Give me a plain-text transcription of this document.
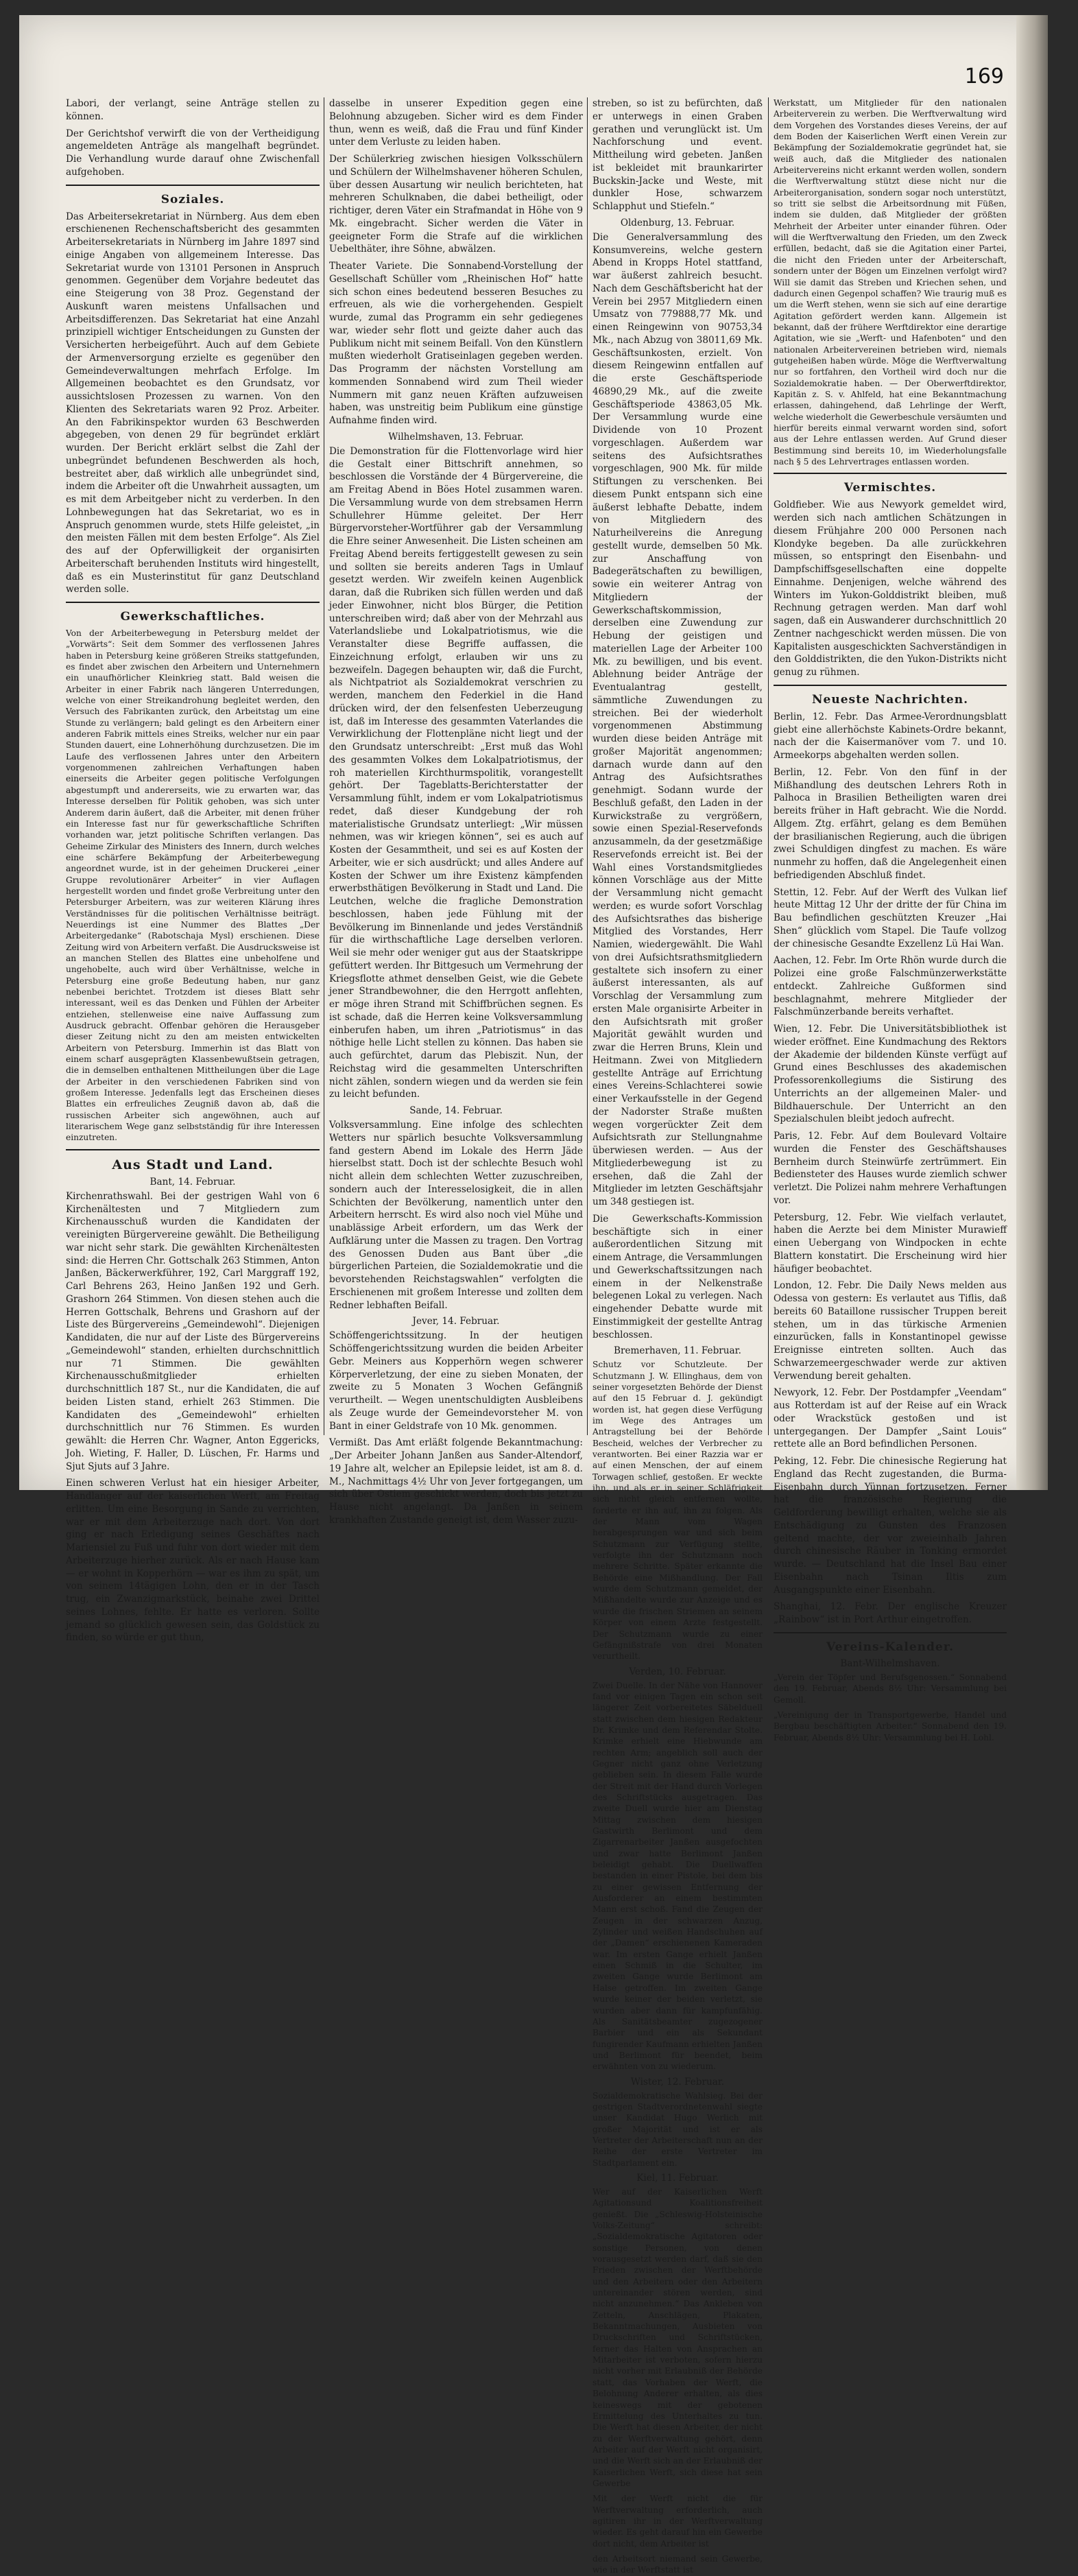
169

Labori, der verlangt, seine Anträge stellen zu können.

Der Gerichtshof verwirft die von der Vertheidigung angemeldeten Anträge als mangelhaft begründet. Die Verhandlung wurde darauf ohne Zwischenfall aufgehoben.

Soziales.

Das Arbeitersekretariat in Nürnberg. Aus dem eben erschienenen Rechenschaftsbericht des gesammten Arbeitersekretariats in Nürnberg im Jahre 1897 sind einige Angaben von allgemeinem Interesse. Das Sekretariat wurde von 13101 Personen in Anspruch genommen. Gegenüber dem Vorjahre bedeutet das eine Steigerung von 38 Proz. Gegenstand der Auskunft waren meistens Unfallsachen und Arbeitsdifferenzen. Das Sekretariat hat eine Anzahl prinzipiell wichtiger Entscheidungen zu Gunsten der Versicherten herbeigeführt. Auch auf dem Gebiete der Armenversorgung erzielte es gegenüber den Gemeindeverwaltungen mehrfach Erfolge. Im Allgemeinen beobachtet es den Grundsatz, vor aussichtslosen Prozessen zu warnen. Von den Klienten des Sekretariats waren 92 Proz. Arbeiter. An den Fabrikinspektor wurden 63 Beschwerden abgegeben, von denen 29 für begründet erklärt wurden. Der Bericht erklärt selbst die Zahl der unbegründet befundenen Beschwerden als hoch, bestreitet aber, daß wirklich alle unbegründet sind, indem die Arbeiter oft die Unwahrheit aussagten, um es mit dem Arbeitgeber nicht zu verderben. In den Lohnbewegungen hat das Sekretariat, wo es in Anspruch genommen wurde, stets Hilfe geleistet, „in den meisten Fällen mit dem besten Erfolge“. Als Ziel des auf der Opferwilligkeit der organisirten Arbeiterschaft beruhenden Instituts wird hingestellt, daß es ein Musterinstitut für ganz Deutschland werden solle.

Gewerkschaftliches.

Von der Arbeiterbewegung in Petersburg meldet der „Vorwärts“: Seit dem Sommer des verflossenen Jahres haben in Petersburg keine größeren Streiks stattgefunden, es findet aber zwischen den Arbeitern und Unternehmern ein unaufhörlicher Kleinkrieg statt. Bald weisen die Arbeiter in einer Fabrik nach längeren Unterredungen, welche von einer Streikandrohung begleitet werden, den Versuch des Fabrikanten zurück, den Arbeitstag um eine Stunde zu verlängern; bald gelingt es den Arbeitern einer anderen Fabrik mittels eines Streiks, welcher nur ein paar Stunden dauert, eine Lohnerhöhung durchzusetzen. Die im Laufe des verflossenen Jahres unter den Arbeitern vorgenommenen zahlreichen Verhaftungen haben einerseits die Arbeiter gegen politische Verfolgungen abgestumpft und andererseits, wie zu erwarten war, das Interesse derselben für Politik gehoben, was sich unter Anderem darin äußert, daß die Arbeiter, mit denen früher ein Interesse fast nur für gewerkschaftliche Schriften vorhanden war, jetzt politische Schriften verlangen. Das Geheime Zirkular des Ministers des Innern, durch welches eine schärfere Bekämpfung der Arbeiterbewegung angeordnet wurde, ist in der geheimen Druckerei „einer Gruppe revolutionärer Arbeiter“ in vier Auflagen hergestellt worden und findet große Verbreitung unter den Petersburger Arbeitern, was zur weiteren Klärung ihres Verständnisses für die politischen Verhältnisse beiträgt. Neuerdings ist eine Nummer des Blattes „Der Arbeitergedanke“ (Rabotschaja Mysl) erschienen. Diese Zeitung wird von Arbeitern verfaßt. Die Ausdrucksweise ist an manchen Stellen des Blattes eine unbeholfene und ungehobelte, auch wird über Verhältnisse, welche in Petersburg eine große Bedeutung haben, nur ganz nebenbei berichtet. Trotzdem ist dieses Blatt sehr interessant, weil es das Denken und Fühlen der Arbeiter entziehen, stellenweise eine naive Auffassung zum Ausdruck gebracht. Offenbar gehören die Herausgeber dieser Zeitung nicht zu den am meisten entwickelten Arbeitern von Petersburg. Immerhin ist das Blatt von einem scharf ausgeprägten Klassenbewußtsein getragen, die in demselben enthaltenen Mittheilungen über die Lage der Arbeiter in den verschiedenen Fabriken sind von großem Interesse. Jedenfalls legt das Erscheinen dieses Blattes ein erfreuliches Zeugniß davon ab, daß die russischen Arbeiter sich angewöhnen, auch auf literarischem Wege ganz selbstständig für ihre Interessen einzutreten.

Aus Stadt und Land.
Bant, 14. Februar.

Kirchenrathswahl. Bei der gestrigen Wahl von 6 Kirchenältesten und 7 Mitgliedern zum Kirchenausschuß wurden die Kandidaten der vereinigten Bürgervereine gewählt. Die Betheiligung war nicht sehr stark. Die gewählten Kirchenältesten sind: die Herren Chr. Gottschalk 263 Stimmen, Anton Janßen, Bäckerwerkführer, 192, Carl Marggraff 192, Carl Behrens 263, Heino Janßen 192 und Gerh. Grashorn 264 Stimmen. Von diesen stehen auch die Herren Gottschalk, Behrens und Grashorn auf der Liste des Bürgervereins „Gemeindewohl“. Diejenigen Kandidaten, die nur auf der Liste des Bürgervereins „Gemeindewohl“ standen, erhielten durchschnittlich nur 71 Stimmen. Die gewählten Kirchenausschußmitglieder erhielten durchschnittlich 187 St., nur die Kandidaten, die auf beiden Listen stand, erhielt 263 Stimmen. Die Kandidaten des „Gemeindewohl“ erhielten durchschnittlich nur 76 Stimmen. Es wurden gewählt: die Herren Chr. Wagner, Anton Eggericks, Joh. Wieting, F. Haller, D. Lüschen, Fr. Harms und Sjut Sjuts auf 3 Jahre.

Einen schweren Verlust hat ein hiesiger Arbeiter, Handlanger auf der kaiserlichen Werft, am Freitag erlitten. Um eine Besorgung in Sande zu verrichten, war er mit dem Arbeiterzuge nach dort. Von dort ging er nach Erledigung seines Geschäftes nach Mariensiel zu Fuß und fuhr von dort wieder mit dem Arbeiterzuge hierher zurück. Als er nach Hause kam — er wohnt in Kopperhörn — war es ihm zu spät, um von seinem 14tägigen Lohn, den er in der Tasch trug, ein Zwanzigmarkstück, beinahe zwei Drittel seines Lohnes, fehlte. Er hatte es verloren. Sollte jemand so glücklich gewesen sein, das Goldstück zu finden, so würde er gut thun,

dasselbe in unserer Expedition gegen eine Belohnung abzugeben. Sicher wird es dem Finder thun, wenn es weiß, daß die Frau und fünf Kinder unter dem Verluste zu leiden haben.

Der Schülerkrieg zwischen hiesigen Volksschülern und Schülern der Wilhelmshavener höheren Schulen, über dessen Ausartung wir neulich berichteten, hat mehreren Schulknaben, die dabei betheiligt, oder richtiger, deren Väter ein Strafmandat in Höhe von 9 Mk. eingebracht. Sicher werden die Väter in geeigneter Form die Strafe auf die wirklichen Uebelthäter, ihre Söhne, abwälzen.

Theater Variete. Die Sonnabend-Vorstellung der Gesellschaft Schüller vom „Rheinischen Hof“ hatte sich schon eines bedeutend besseren Besuches zu erfreuen, als wie die vorhergehenden. Gespielt wurde, zumal das Programm ein sehr gediegenes war, wieder sehr flott und geizte daher auch das Publikum nicht mit seinem Beifall. Von den Künstlern mußten wiederholt Gratiseinlagen gegeben werden. Das Programm der nächsten Vorstellung am kommenden Sonnabend wird zum Theil wieder Nummern mit ganz neuen Kräften aufzuweisen haben, was unstreitig beim Publikum eine günstige Aufnahme finden wird.

Wilhelmshaven, 13. Februar.

Die Demonstration für die Flottenvorlage wird hier die Gestalt einer Bittschrift annehmen, so beschlossen die Vorstände der 4 Bürgervereine, die am Freitag Abend in Böes Hotel zusammen waren. Die Versammlung wurde von dem strebsamen Herrn Schullehrer Hümme geleitet. Der Herr Bürgervorsteher-Wortführer gab der Versammlung die Ehre seiner Anwesenheit. Die Listen scheinen am Freitag Abend bereits fertiggestellt gewesen zu sein und sollten sie bereits anderen Tags in Umlauf gesetzt werden. Wir zweifeln keinen Augenblick daran, daß die Rubriken sich füllen werden und daß jeder Einwohner, nicht blos Bürger, die Petition unterschreiben wird; daß aber von der Mehrzahl aus Vaterlandsliebe und Lokalpatriotismus, wie die Veranstalter diese Begriffe auffassen, die Einzeichnung erfolgt, erlauben wir uns zu bezweifeln. Dagegen behaupten wir, daß die Furcht, als Nichtpatriot als Sozialdemokrat verschrien zu werden, manchem den Federkiel in die Hand drücken wird, der den felsenfesten Ueberzeugung ist, daß im Interesse des gesammten Vaterlandes die Verwirklichung der Flottenpläne nicht liegt und der den Grundsatz unterschreibt: „Erst muß das Wohl des gesammten Volkes dem Lokalpatriotismus, der roh materiellen Kirchthurmspolitik, vorangestellt gehört. Der Tageblatts-Berichterstatter der Versammlung fühlt, indem er vom Lokalpatriotismus redet, daß dieser Kundgebung der roh materialistische Grundsatz unterliegt: „Wir müssen nehmen, was wir kriegen können“, sei es auch auf Kosten der Gesammtheit, und sei es auf Kosten der Arbeiter, wie er sich ausdrückt; und alles Andere auf Kosten der Schwer um ihre Existenz kämpfenden erwerbsthätigen Bevölkerung in Stadt und Land. Die Leutchen, welche die fragliche Demonstration beschlossen, haben jede Fühlung mit der Bevölkerung im Binnenlande und jedes Verständniß für die wirthschaftliche Lage derselben verloren. Weil sie mehr oder weniger gut aus der Staatskrippe gefüttert werden. Ihr Bittgesuch um Vermehrung der Kriegsflotte athmet denselben Geist, wie die Gebete jener Strandbewohner, die den Herrgott anflehten, er möge ihren Strand mit Schiffbrüchen segnen. Es ist schade, daß die Herren keine Volksversammlung einberufen haben, um ihren „Patriotismus“ in das nöthige helle Licht stellen zu können. Das haben sie auch gefürchtet, darum das Plebiszit. Nun, der Reichstag wird die gesammelten Unterschriften nicht zählen, sondern wiegen und da werden sie fein zu leicht befunden.

Sande, 14. Februar.

Volksversammlung. Eine infolge des schlechten Wetters nur spärlich besuchte Volksversammlung fand gestern Abend im Lokale des Herrn Jäde hierselbst statt. Doch ist der schlechte Besuch wohl nicht allein dem schlechten Wetter zuzuschreiben, sondern auch der Interesselosigkeit, die in allen Schichten der Bevölkerung, namentlich unter den Arbeitern herrscht. Es wird also noch viel Mühe und unablässige Arbeit erfordern, um das Werk der Aufklärung unter die Massen zu tragen. Den Vortrag des Genossen Duden aus Bant über „die bürgerlichen Parteien, die Sozialdemokratie und die bevorstehenden Reichstagswahlen“ verfolgten die Erschienenen mit großem Interesse und zollten dem Redner lebhaften Beifall.

Jever, 14. Februar.

Schöffengerichtssitzung. In der heutigen Schöffengerichtssitzung wurden die beiden Arbeiter Gebr. Meiners aus Kopperhörn wegen schwerer Körperverletzung, der eine zu sieben Monaten, der zweite zu 5 Monaten 3 Wochen Gefängniß verurtheilt. — Wegen unentschuldigten Ausbleibens als Zeuge wurde der Gemeindevorsteher M. von Bant in einer Geldstrafe von 10 Mk. genommen.

Vermißt. Das Amt erläßt folgende Bekanntmachung: „Der Arbeiter Johann Janßen aus Sander-Altendorf, 19 Jahre alt, welcher an Epilepsie leidet, ist am 8. d. M., Nachmittags 4½ Uhr von Jever fortgegangen, um sich über Ostiem geschickt werden, doch bis jetzt zu Hause nicht angelangt. Da Janßen in seinem krankhaften Zustande geneigt ist, dem Wasser zuzu-

streben, so ist zu befürchten, daß er unterwegs in einen Graben gerathen und verunglückt ist. Um Nachforschung und event. Mittheilung wird gebeten. Janßen ist bekleidet mit braunkarirter Buckskin-Jacke und Weste, mit dunkler Hose, schwarzem Schlapphut und Stiefeln.“

Oldenburg, 13. Februar.

Die Generalversammlung des Konsumvereins, welche gestern Abend in Kropps Hotel stattfand, war äußerst zahlreich besucht. Nach dem Geschäftsbericht hat der Verein bei 2957 Mitgliedern einen Umsatz von 779888,77 Mk. und einen Reingewinn von 90753,34 Mk., nach Abzug von 38011,69 Mk. Geschäftsunkosten, erzielt. Von diesem Reingewinn entfallen auf die erste Geschäftsperiode 46890,29 Mk., auf die zweite Geschäftsperiode 43863,05 Mk. Der Versammlung wurde eine Dividende von 10 Prozent vorgeschlagen. Außerdem war seitens des Aufsichtsrathes vorgeschlagen, 900 Mk. für milde Stiftungen zu verschenken. Bei diesem Punkt entspann sich eine äußerst lebhafte Debatte, indem von Mitgliedern des Naturheilvereins die Anregung gestellt wurde, demselben 50 Mk. zur Anschaffung von Badegerätschaften zu bewilligen, sowie ein weiterer Antrag von Mitgliedern der Gewerkschaftskommission, derselben eine Zuwendung zur Hebung der geistigen und materiellen Lage der Arbeiter 100 Mk. zu bewilligen, und bis event. Ablehnung beider Anträge der Eventualantrag gestellt, sämmtliche Zuwendungen zu streichen. Bei der wiederholt vorgenommenen Abstimmung wurden diese beiden Anträge mit großer Majorität angenommen; darnach wurde dann auf den Antrag des Aufsichtsrathes genehmigt. Sodann wurde der Beschluß gefaßt, den Laden in der Kurwickstraße zu vergrößern, sowie einen Spezial-Reservefonds anzusammeln, da der gesetzmäßige Reservefonds erreicht ist. Bei der Wahl eines Vorstandsmitgliedes können Vorschläge aus der Mitte der Versammlung nicht gemacht werden; es wurde sofort Vorschlag des Aufsichtsrathes das bisherige Mitglied des Vorstandes, Herr Namien, wiedergewählt. Die Wahl von drei Aufsichtsrathsmitgliedern gestaltete sich insofern zu einer äußerst interessanten, als auf Vorschlag der Versammlung zum ersten Male organisirte Arbeiter in den Aufsichtsrath mit großer Majorität gewählt wurden und zwar die Herren Bruns, Klein und Heitmann. Zwei von Mitgliedern gestellte Anträge auf Errichtung eines Vereins-Schlachterei sowie einer Verkaufsstelle in der Gegend der Nadorster Straße mußten wegen vorgerückter Zeit dem Aufsichtsrath zur Stellungnahme überwiesen werden. — Aus der Mitgliederbewegung ist zu ersehen, daß die Zahl der Mitglieder im letzten Geschäftsjahr um 348 gestiegen ist.

Die Gewerkschafts-Kommission beschäftigte sich in einer außerordentlichen Sitzung mit einem Antrage, die Versammlungen und Gewerkschaftssitzungen nach einem in der Nelkenstraße belegenen Lokal zu verlegen. Nach eingehender Debatte wurde mit Einstimmigkeit der gestellte Antrag beschlossen.

Bremerhaven, 11. Februar.

Schutz vor Schutzleute. Der Schutzmann J. W. Ellinghaus, dem von seiner vorgesetzten Behörde der Dienst auf den 15 Februar d. J. gekündigt worden ist, hat gegen diese Verfügung im Wege des Antrages um Antragstellung bei der Behörde Bescheid, welches der Verbrecher zu verantworten. Bei einer Razzia war er auf einen Menschen, der auf einem Torwagen schlief, gestoßen. Er weckte ihn, und als er in seiner Schläfrigkeit sich nicht gleich entfernen wollte, forderte er ihn auf, ihn zu folgen. Als der Mann vom Wagen herabgesprungen war und sich beim Schutzmann zur Verfügung stellte, verfolgte ihn der Schutzmann noch mehrere Schritte. Später erkannte die Behörde eine Mißhandlung. Der Fall wurde dem Schutzmann gemeldet, der Mißhandelte wurde zur Anzeige und es wurde die frischen Striemen an seinem Körper von einem Arzte festgestellt. Der Schutzmann wurde zu einer Gefängnißstrafe von drei Monaten verurtheilt.

Verden, 10. Februar.

Zwei Duelle. In der Nähe von Hannover fand vor einigen Tagen ein schon seit längerer Zeit vorbereitetes Säbelduell statt zwischen dem hiesigen Redakteur Dr. Krimke und dem Referendar Stolte. Krimke erhielt eine Hiebwunde am rechten Arm; angeblich soll auch der Gegner nicht ganz ohne Verletzung geblieben sein. In diesem Falle wurde der Streit mit der Hand durch Vorlegen des Schriftstücks ausgetragen. Das zweite Duell wurde hier am Dienstag Mittag zwischen dem hiesigen Gastwirth Berlimont und dem Zigarrenarbeiter Janßen ausgefochten und zwar hatte Berlimont Janßen beleidigt gehabt. Die Duellwaffen bestanden in einer Pistole, bei dem bis zu einer gewissen Entfernung der Ausforderer an einem bestimmten Mann erst schoß. Fand die Zeugen der Zeugen in der schwarzen Anzug, Zylinder und weißen Handschuhen auf der „Damen“ erschienenen Kameraden war. Im ersten Gange erhielt Janßen einen Schmiß in die Schulter, im zweiten Gange wurde Berlimont am Halse getroffen. Im zweiten Gange wurde keiner der beiden verletzt, sie wurden aber dann für kampfunfähig. Als Sanitätsbeamter zugezogener Barbier und ein als Sekundant fungirender Kaufmann erhielten Janßen und Berlimont für beendet, beim erwähnten von zu wiederum.

Wister, 12. Februar.

Sozialdemokratische Wahlsieg. Bei der gestrigen Stadtverordnetenwahl siegte unser Kandidat Hugo Werlich mit großer Majorität und ist er als Vertreter der Arbeiterschaft nun an der Reihe der erste Vertreter im Stadtparlament ein.

Kiel, 11. Februar.

Wer auf der Kaiserlichen Werft Agitationsund Koalitionsfreiheit genießt. Die „Schleswig-Holsteinische Volks-Zeitung“ schreibt: „Sozialdemokratische Agitatoren oder sonstige Personen, von denen vorausgesetzt werden darf, daß sie den Frieden zwischen der Werftbehörde und den Arbeitern oder den Arbeitern untereinander stören werden, sind nicht anzunehmen.“ Das Ankleben von Zetteln, Anschlägen, Plakaten, Bekanntmachungen, Ausbieten von Druckschriften und Schriftstücken, ferner das Halten von Ansprachen an Mitarbeiter ist verboten, sofern hierzu nicht vorher mit Erlaubniß der Behörde statt, das Vorhaben der Werft, die Belohnung Anderer erhalten, als dies keineswegs mit der gebotenen Ermittelung des Unterhaltes zu tun. Die Werft hat diesen Arbeiter, der nicht zu der Werftverwaltung gehört, denn Arbeiter auf der Werft nicht organisirt, und die Werft sich an der Erlaubniß der Kaiserlichen Werft, sich diese hat sein Gewerbe

Mit der Werft nicht die für Werftverwaltung erforderlich, auch agitiren ihr in der Werftverwaltung wieder. Es geht darauf hin ein Gewerbe dort nicht, dem Arbeiter ist

den Arbeitsort niemand sein Gewerbe, wie in der Werftstatt ist

Werkstatt, um Mitglieder für den nationalen Arbeiterverein zu werben. Die Werftverwaltung wird dem Vorgehen des Vorstandes dieses Vereins, der auf dem Boden der Kaiserlichen Werft einen Verein zur Bekämpfung der Sozialdemokratie gegründet hat, sie weiß auch, daß die Mitglieder des nationalen Arbeitervereins nicht erkannt werden wollen, sondern die Werftverwaltung stützt diese nicht nur die Arbeiterorganisation, sondern sogar noch unterstützt, so tritt sie selbst die Arbeitsordnung mit Füßen, indem sie dulden, daß Mitglieder der größten Mehrheit der Arbeiter unter einander führen. Oder will die Werftverwaltung den Frieden, um den Zweck erfüllen, bedacht, daß sie die Agitation einer Partei, die nicht den Frieden unter der Arbeiterschaft, sondern unter der Bögen um Einzelnen verfolgt wird? Will sie damit das Streben und Kriechen sehen, und dadurch einen Gegenpol schaffen? Wie traurig muß es um die Werft stehen, wenn sie sich auf eine derartige Agitation gefördert werden kann. Allgemein ist bekannt, daß der frühere Werftdirektor eine derartige Agitation, wie sie „Werft- und Hafenboten“ und den nationalen Arbeitervereinen betrieben wird, niemals gutgeheißen haben würde. Möge die Werftverwaltung nur so fortfahren, den Vortheil wird doch nur die Sozialdemokratie haben. — Der Oberwerftdirektor, Kapitän z. S. v. Ahlfeld, hat eine Bekanntmachung erlassen, dahingehend, daß Lehrlinge der Werft, welche wiederholt die Gewerbeschule versäumten und hierfür bereits einmal verwarnt worden sind, sofort aus der Lehre entlassen werden. Auf Grund dieser Bestimmung sind bereits 10, im Wiederholungsfalle nach § 5 des Lehrvertrages entlassen worden.

Vermischtes.

Goldfieber. Wie aus Newyork gemeldet wird, werden sich nach amtlichen Schätzungen in diesem Frühjahre 200 000 Personen nach Klondyke begeben. Da alle zurückkehren müssen, so entspringt den Eisenbahn- und Dampfschiffsgesellschaften eine doppelte Einnahme. Denjenigen, welche während des Winters im Yukon-Golddistrikt bleiben, muß Rechnung getragen werden. Man darf wohl sagen, daß ein Auswanderer durchschnittlich 20 Zentner nachgeschickt werden müssen. Die von Kapitalisten ausgeschickten Sachverständigen in den Golddistrikten, die den Yukon-Distrikts nicht genug zu rühmen.

Neueste Nachrichten.

Berlin, 12. Febr. Das Armee-Verordnungsblatt giebt eine allerhöchste Kabinets-Ordre bekannt, nach der die Kaisermanöver vom 7. und 10. Armeekorps abgehalten werden sollen.

Berlin, 12. Febr. Von den fünf in der Mißhandlung des deutschen Lehrers Roth in Palhoca in Brasilien Betheiligten waren drei bereits früher in Haft gebracht. Wie die Nordd. Allgem. Ztg. erfährt, gelang es dem Bemühen der brasilianischen Regierung, auch die übrigen zwei Schuldigen dingfest zu machen. Es wäre nunmehr zu hoffen, daß die Angelegenheit einen befriedigenden Abschluß findet.

Stettin, 12. Febr. Auf der Werft des Vulkan lief heute Mittag 12 Uhr der dritte der für China im Bau befindlichen geschützten Kreuzer „Hai Shen“ glücklich vom Stapel. Die Taufe vollzog der chinesische Gesandte Exzellenz Lü Hai Wan.

Aachen, 12. Febr. Im Orte Rhön wurde durch die Polizei eine große Falschmünzerwerkstätte entdeckt. Zahlreiche Gußformen sind beschlagnahmt, mehrere Mitglieder der Falschmünzerbande bereits verhaftet.

Wien, 12. Febr. Die Universitätsbibliothek ist wieder eröffnet. Eine Kundmachung des Rektors der Akademie der bildenden Künste verfügt auf Grund eines Beschlusses des akademischen Professorenkollegiums die Sistirung des Unterrichts an der allgemeinen Maler- und Bildhauerschule. Der Unterricht an den Spezialschulen bleibt jedoch aufrecht.

Paris, 12. Febr. Auf dem Boulevard Voltaire wurden die Fenster des Geschäftshauses Bernheim durch Steinwürfe zertrümmert. Ein Bediensteter des Hauses wurde ziemlich schwer verletzt. Die Polizei nahm mehrere Verhaftungen vor.

Petersburg, 12. Febr. Wie vielfach verlautet, haben die Aerzte bei dem Minister Murawieff einen Uebergang von Windpocken in echte Blattern konstatirt. Die Erscheinung wird hier häufiger beobachtet.

London, 12. Febr. Die Daily News melden aus Odessa von gestern: Es verlautet aus Tiflis, daß bereits 60 Bataillone russischer Truppen bereit stehen, um in das türkische Armenien einzurücken, falls in Konstantinopel gewisse Ereignisse eintreten sollten. Auch das Schwarzemeergeschwader werde zur aktiven Verwendung bereit gehalten.

Newyork, 12. Febr. Der Postdampfer „Veendam“ aus Rotterdam ist auf der Reise auf ein Wrack oder Wrackstück gestoßen und ist untergegangen. Der Dampfer „Saint Louis“ rettete alle an Bord befindlichen Personen.

Peking, 12. Febr. Die chinesische Regierung hat England das Recht zugestanden, die Burma-Eisenbahn durch Yünnan fortzusetzen. Ferner hat die französische Regierung die Geldforderung bewilligt erhalten, welche sie als Entschädigung zu Gunsten des Franzosen geltend machte, der vor zweieinhalb Jahren durch chinesische Räuber in Tonking ermordet wurde. — Deutschland hat die Insel Bau einer Eisenbahn nach Tsinan Iltis zum Ausgangspunkte einer Eisenbahn.

Shanghai, 12. Febr. Der englische Kreuzer „Rainbow“ ist in Port Arthur eingetroffen.

Vereins-Kalender.
Bant-Wilhelmshaven.

„Verein der Töpfer und Berufsgenossen.“ Sonnabend den 19. Februar, Abends 8½ Uhr: Versammlung bei Gemoll.

„Vereinigung der in Transportgewerbe, Handel und Bergbau beschäftigten Arbeiter.“ Sonnabend den 19. Februar, Abends 8½ Uhr: Versammlung bei H. Lohl.
